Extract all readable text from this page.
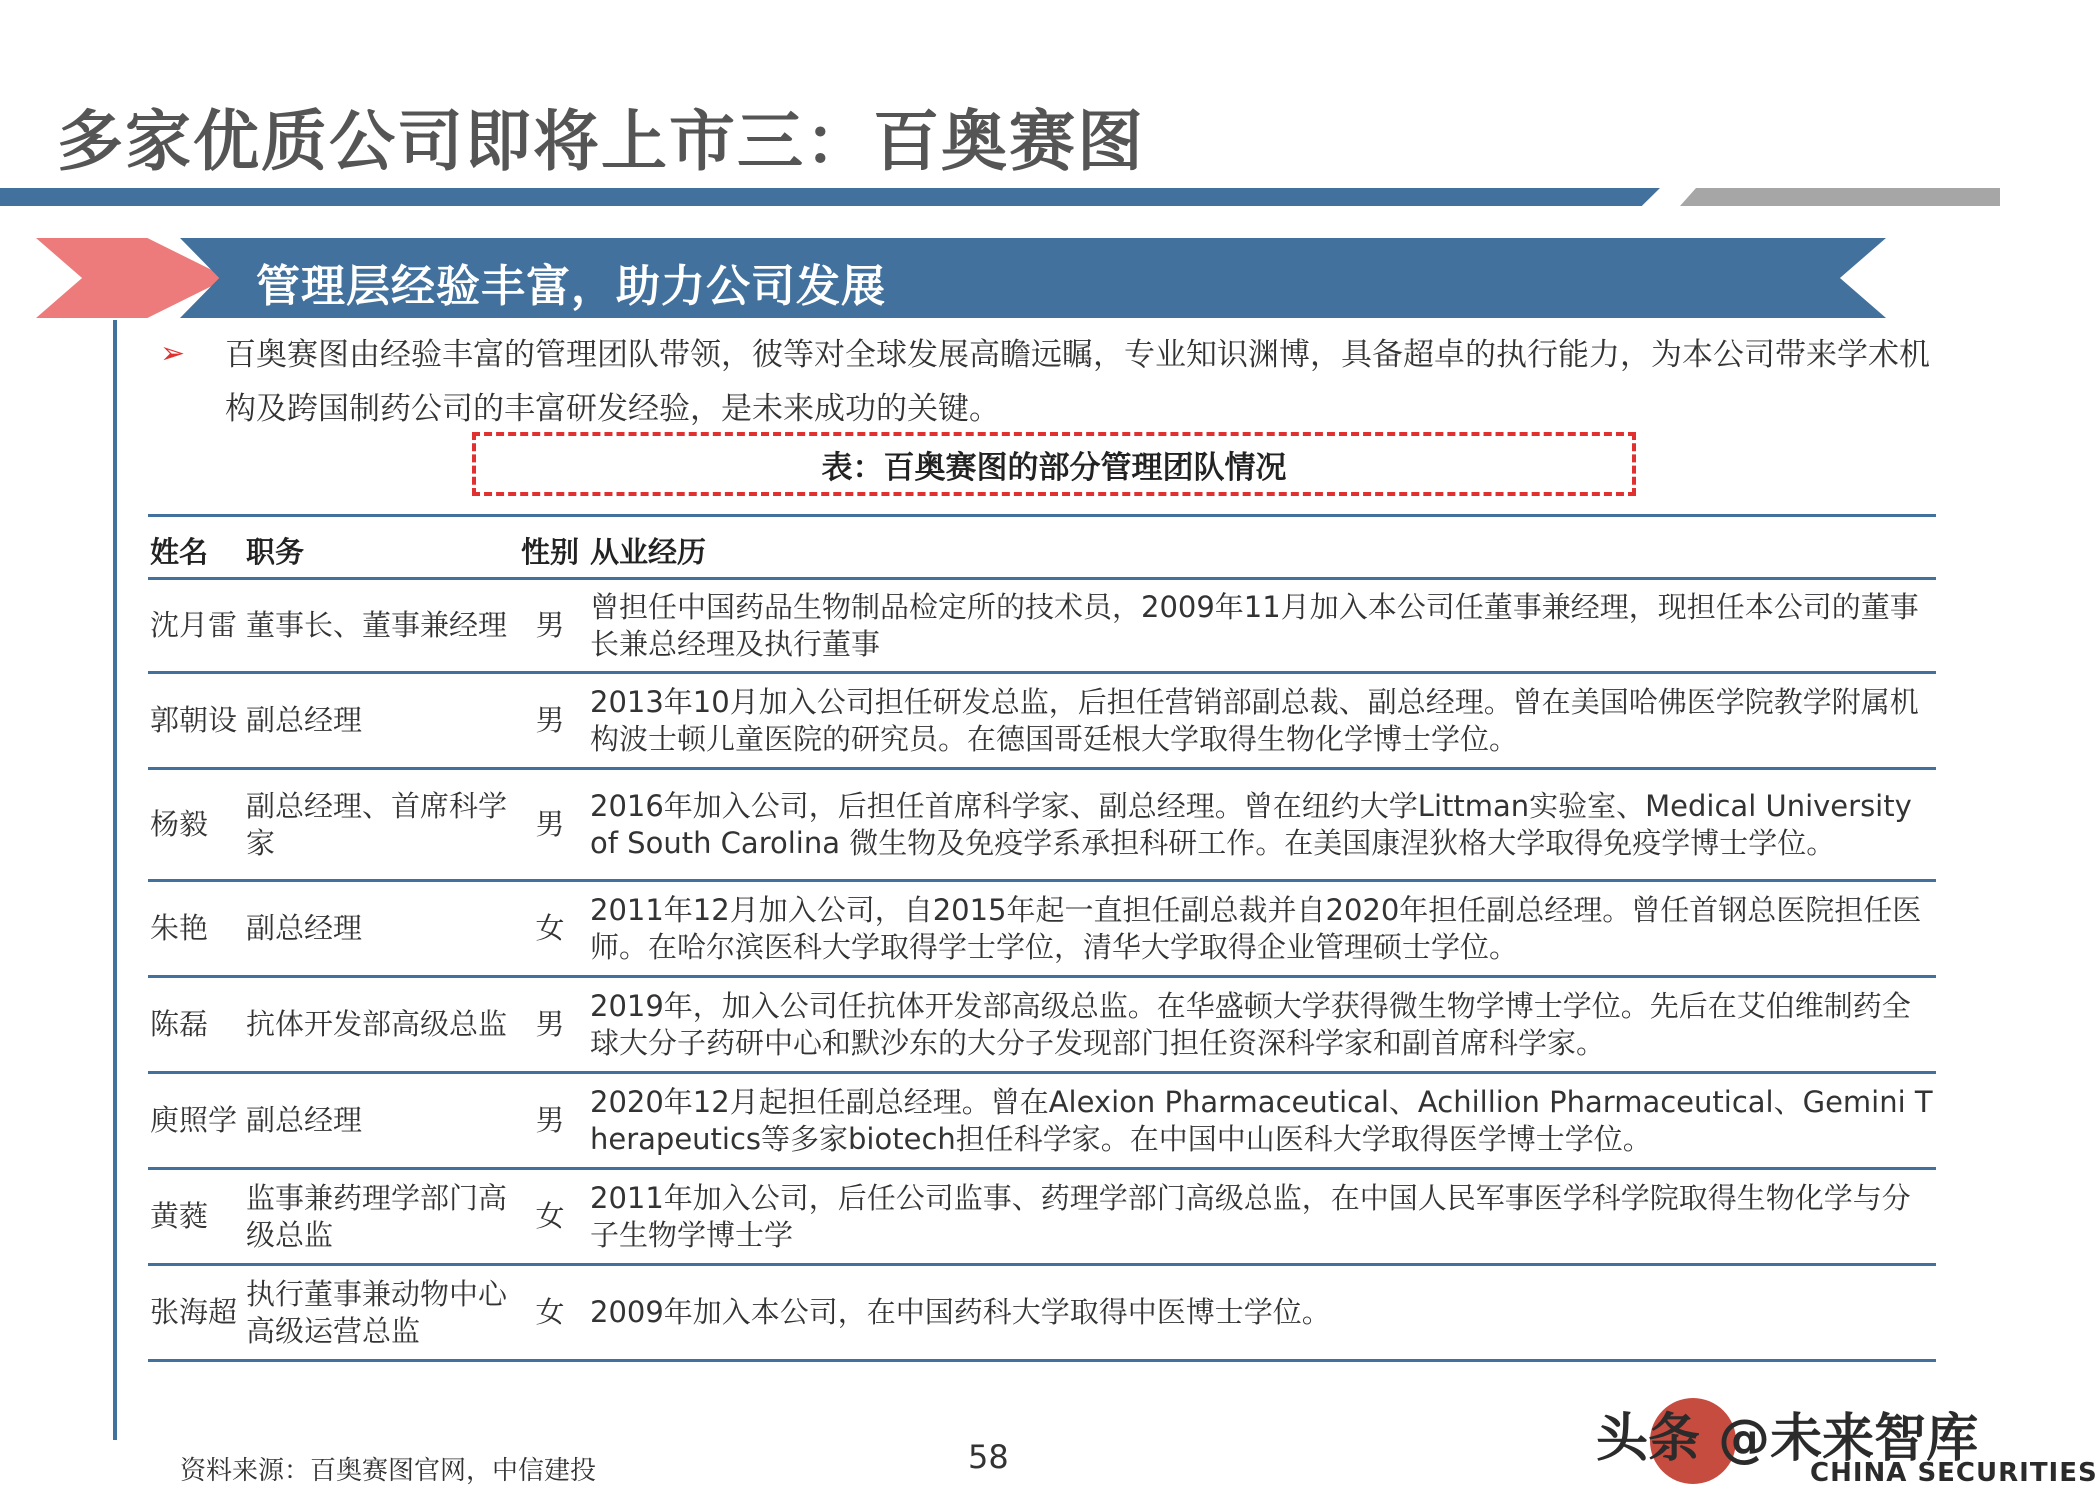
多家优质公司即将上市三：百奥赛图
管理层经验丰富，助力公司发展
➢ 百奥赛图由经验丰富的管理团队带领，彼等对全球发展高瞻远瞩，专业知识渊博，具备超卓的执行能力，为本公司带来学术机构及跨国制药公司的丰富研发经验，是未来成功的关键。
表：百奥赛图的部分管理团队情况
姓名	职务	性别	从业经历
沈月雷	董事长、董事兼经理	男	曾担任中国药品生物制品检定所的技术员，2009年11月加入本公司任董事兼经理，现担任本公司的董事长兼总经理及执行董事
郭朝设	副总经理	男	2013年10月加入公司担任研发总监，后担任营销部副总裁、副总经理。曾在美国哈佛医学院教学附属机构波士顿儿童医院的研究员。在德国哥廷根大学取得生物化学博士学位。
杨毅	副总经理、首席科学家	男	2016年加入公司，后担任首席科学家、副总经理。曾在纽约大学Littman实验室、Medical University of South Carolina 微生物及免疫学系承担科研工作。在美国康涅狄格大学取得免疫学博士学位。
朱艳	副总经理	女	2011年12月加入公司，自2015年起一直担任副总裁并自2020年担任副总经理。曾任首钢总医院担任医师。在哈尔滨医科大学取得学士学位，清华大学取得企业管理硕士学位。
陈磊	抗体开发部高级总监	男	2019年，加入公司任抗体开发部高级总监。在华盛顿大学获得微生物学博士学位。先后在艾伯维制药全球大分子药研中心和默沙东的大分子发现部门担任资深科学家和副首席科学家。
庾照学	副总经理	男	2020年12月起担任副总经理。曾在Alexion Pharmaceutical、Achillion Pharmaceutical、Gemini Therapeutics等多家biotech担任科学家。在中国中山医科大学取得医学博士学位。
黄蕤	监事兼药理学部门高级总监	女	2011年加入公司，后任公司监事、药理学部门高级总监，在中国人民军事医学科学院取得生物化学与分子生物学博士学
张海超	执行董事兼动物中心高级运营总监	女	2009年加入本公司，在中国药科大学取得中医博士学位。
资料来源：百奥赛图官网，中信建投	58	头条 @未来智库
CHINA SECURITIES
